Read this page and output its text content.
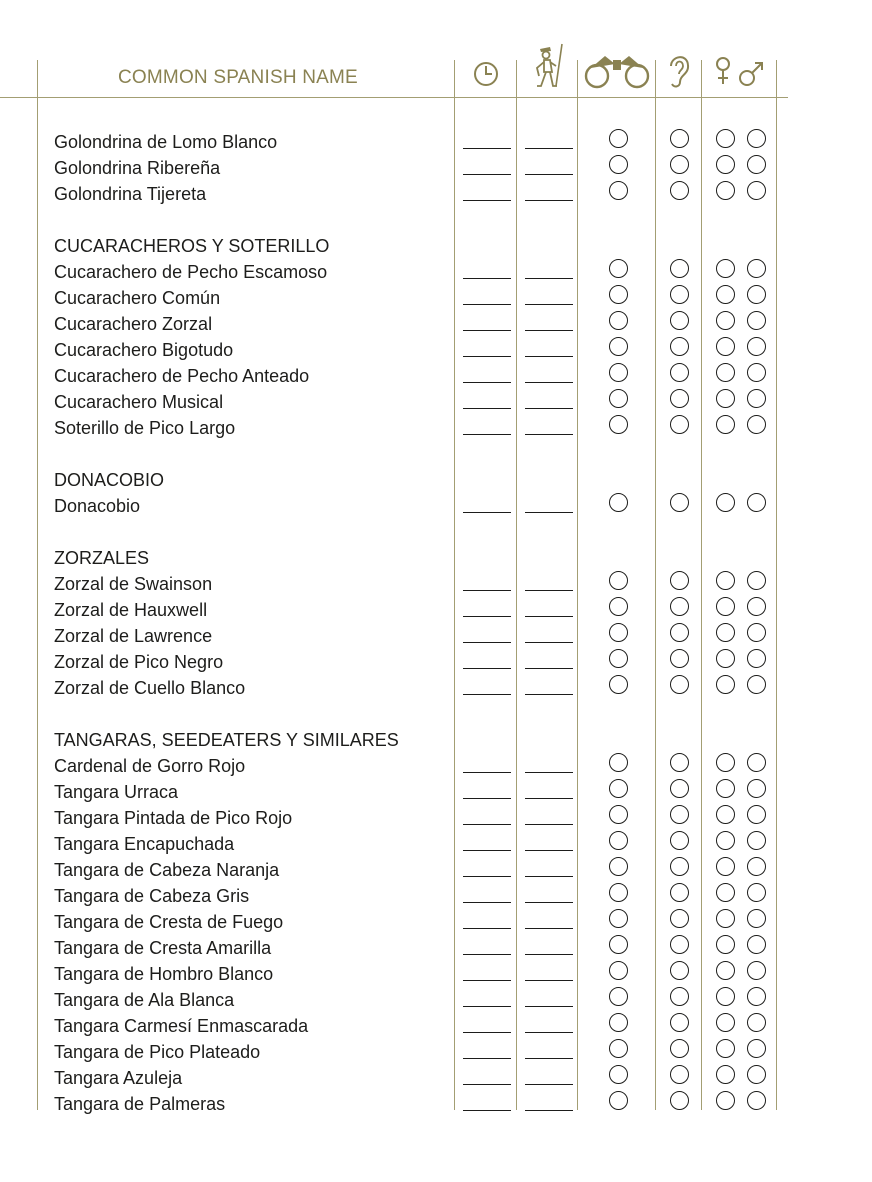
COMMON SPANISH NAME
Golondrina de Lomo Blanco
Golondrina Ribereña
Golondrina Tijereta
CUCARACHEROS Y SOTERILLO
Cucarachero de Pecho Escamoso
Cucarachero Común
Cucarachero Zorzal
Cucarachero Bigotudo
Cucarachero de Pecho Anteado
Cucarachero Musical
Soterillo de Pico Largo
DONACOBIO
Donacobio
ZORZALES
Zorzal de Swainson
Zorzal de Hauxwell
Zorzal de Lawrence
Zorzal de Pico Negro
Zorzal de Cuello Blanco
TANGARAS, SEEDEATERS Y SIMILARES
Cardenal de Gorro Rojo
Tangara Urraca
Tangara Pintada de Pico Rojo
Tangara Encapuchada
Tangara de Cabeza Naranja
Tangara de Cabeza Gris
Tangara de Cresta de Fuego
Tangara de Cresta Amarilla
Tangara de Hombro Blanco
Tangara de Ala Blanca
Tangara Carmesí Enmascarada
Tangara de Pico Plateado
Tangara Azuleja
Tangara de Palmeras
